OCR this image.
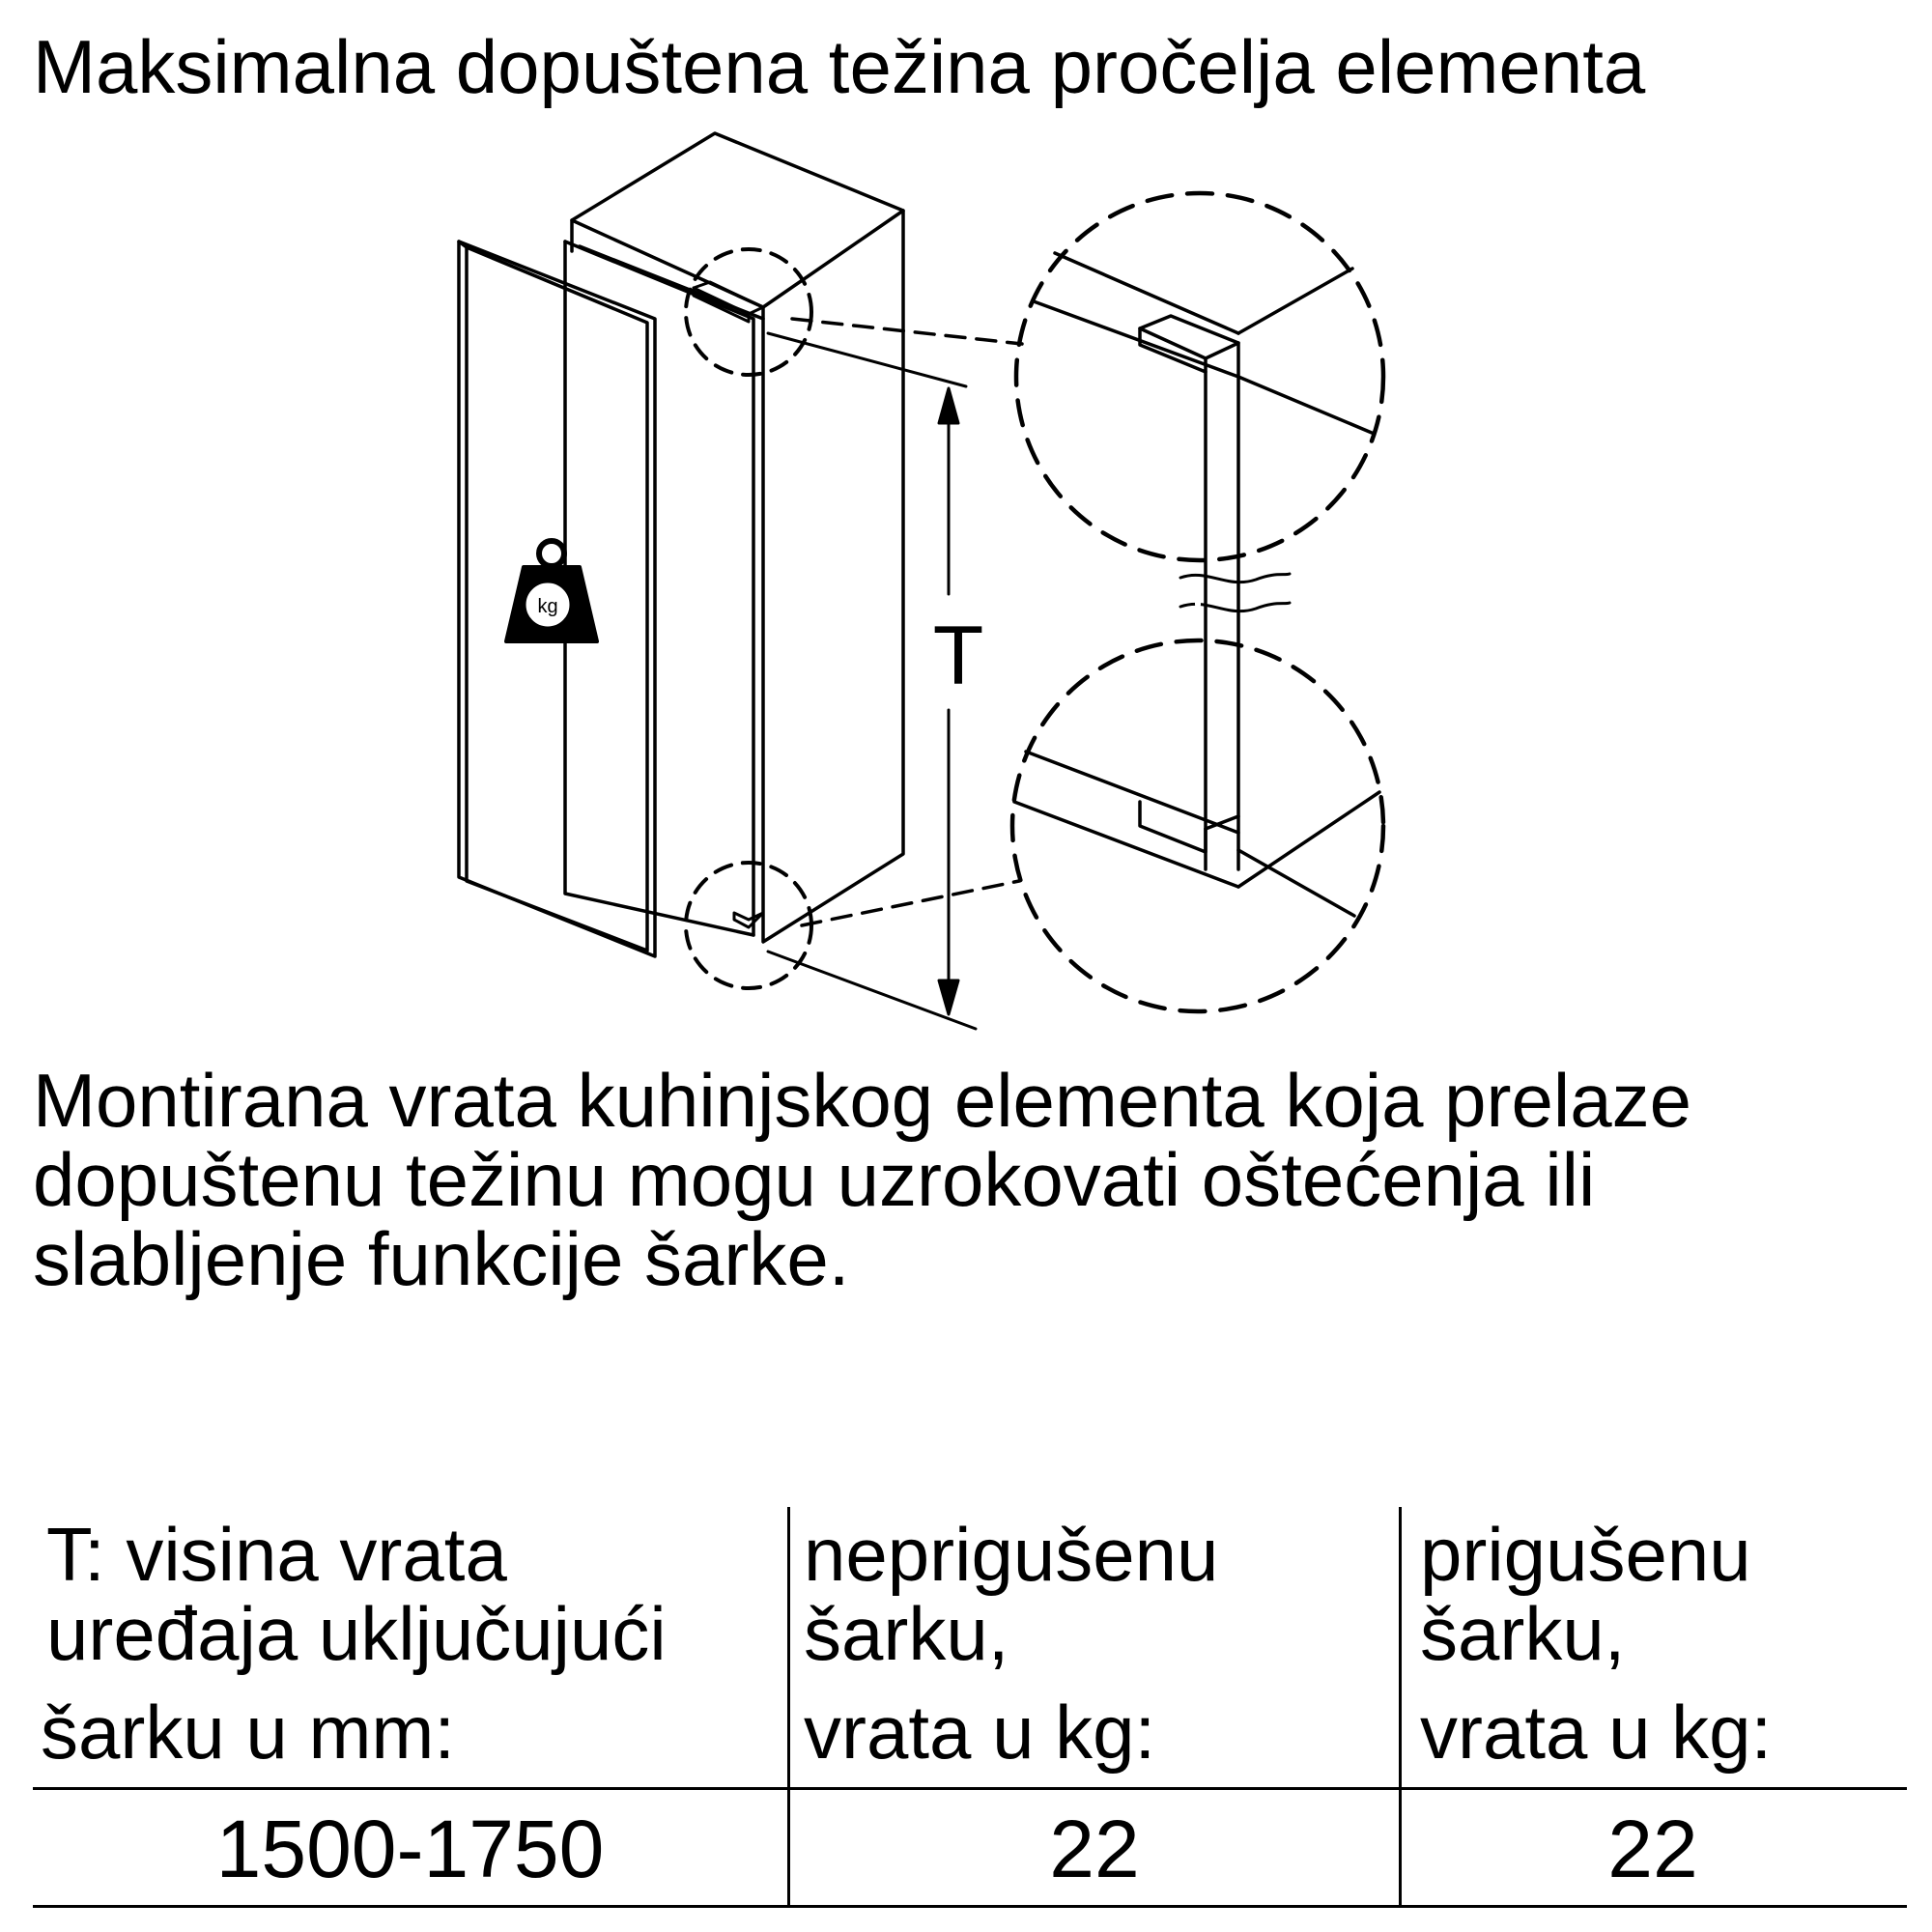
Maksimalna dopuštena težina pročelja elementa
kg
T
Montirana vrata kuhinjskog elementa koja prelaze
dopuštenu težinu mogu uzrokovati oštećenja ili
slabljenje funkcije šarke.
T: visina vrata
uređaja uključujući
šarku u mm:
neprigušenu
šarku,
vrata u kg:
prigušenu
šarku,
vrata u kg:
1500-1750	22	22
